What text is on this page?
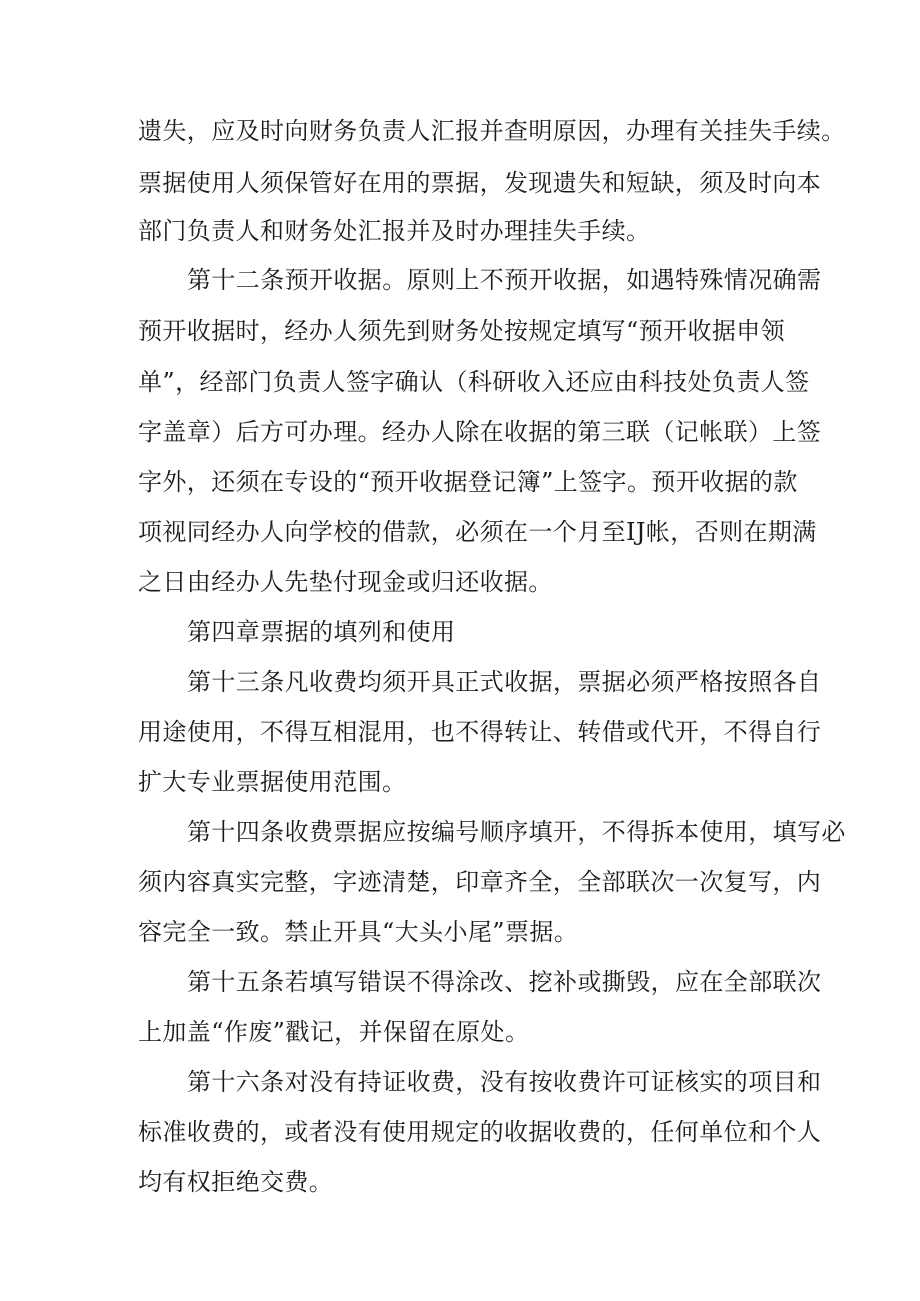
遗失，应及时向财务负责人汇报并查明原因，办理有关挂失手续。
票据使用人须保管好在用的票据，发现遗失和短缺，须及时向本
部门负责人和财务处汇报并及时办理挂失手续。
第十二条预开收据。原则上不预开收据，如遇特殊情况确需
预开收据时，经办人须先到财务处按规定填写“预开收据申领
单”，经部门负责人签字确认（科研收入还应由科技处负责人签
字盖章）后方可办理。经办人除在收据的第三联（记帐联）上签
字外，还须在专设的“预开收据登记簿”上签字。预开收据的款
项视同经办人向学校的借款，必须在一个月至IJ帐，否则在期满
之日由经办人先垫付现金或归还收据。
第四章票据的填列和使用
第十三条凡收费均须开具正式收据，票据必须严格按照各自
用途使用，不得互相混用，也不得转让、转借或代开，不得自行
扩大专业票据使用范围。
第十四条收费票据应按编号顺序填开，不得拆本使用，填写必
须内容真实完整，字迹清楚，印章齐全，全部联次一次复写，内
容完全一致。禁止开具“大头小尾”票据。
第十五条若填写错误不得涂改、挖补或撕毁，应在全部联次
上加盖“作废”戳记，并保留在原处。
第十六条对没有持证收费，没有按收费许可证核实的项目和
标准收费的，或者没有使用规定的收据收费的，任何单位和个人
均有权拒绝交费。
